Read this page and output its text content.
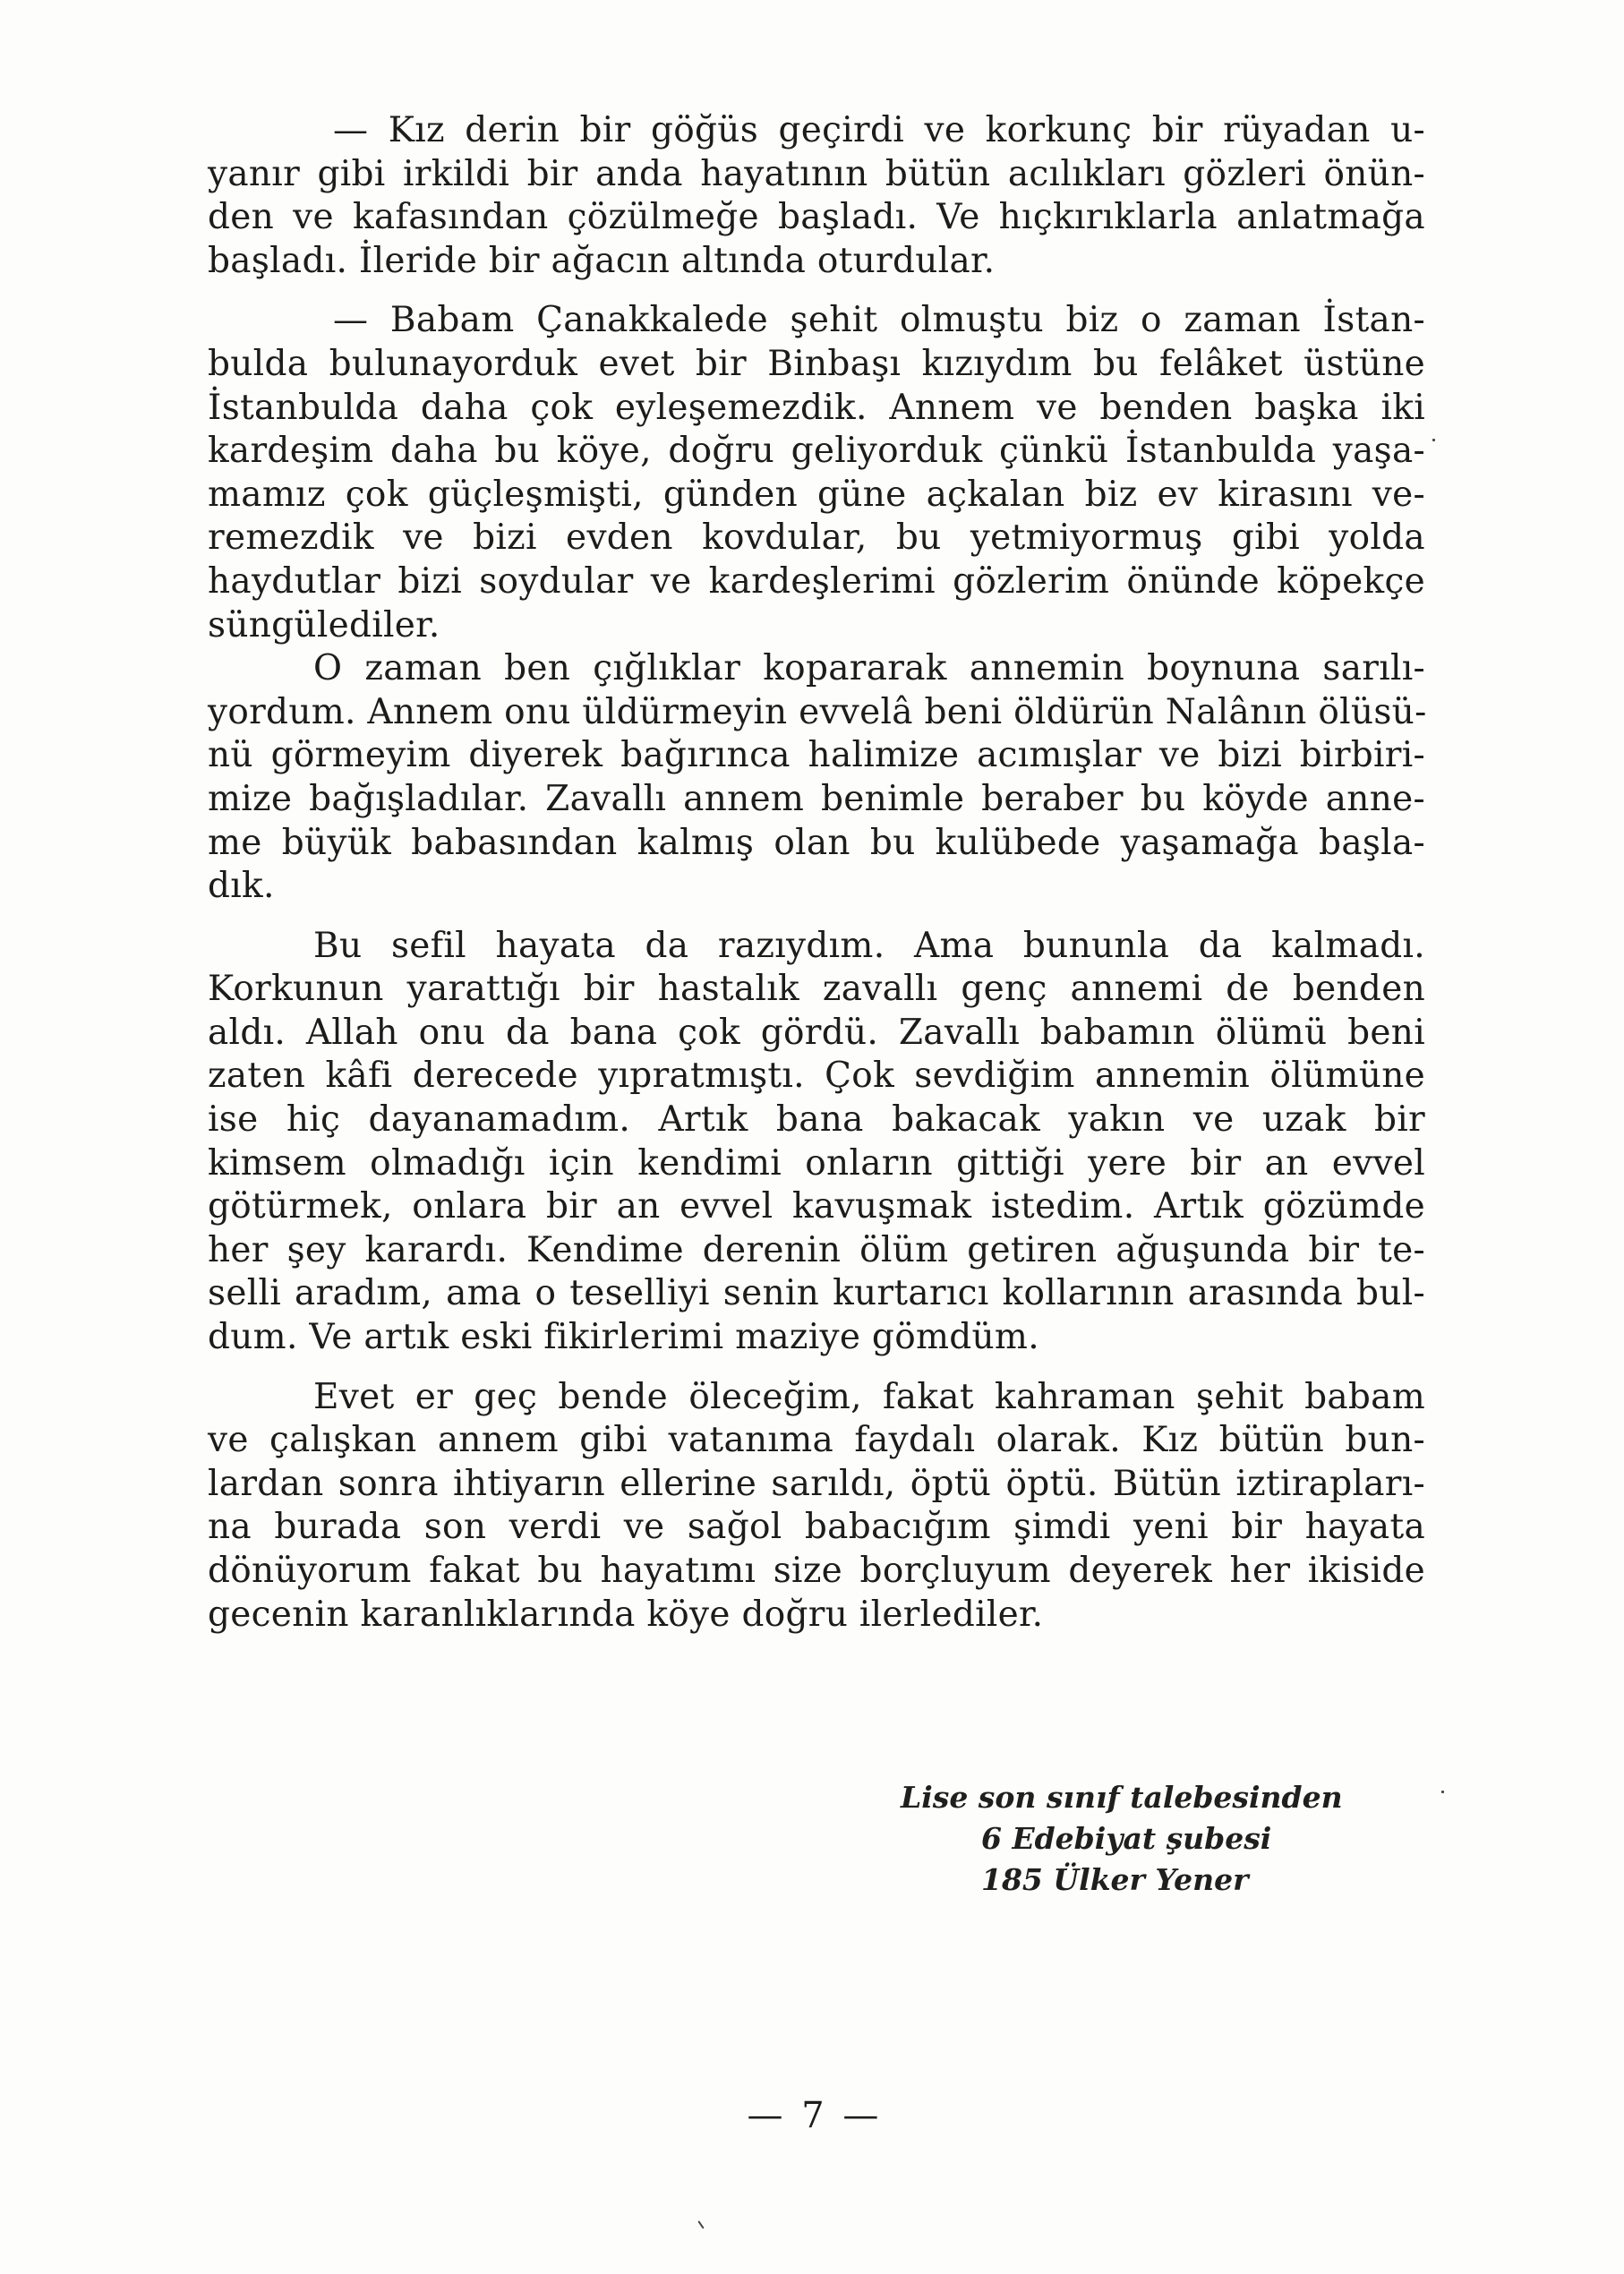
— Kız derin bir göğüs geçirdi ve korkunç bir rüyadan u-
yanır gibi irkildi bir anda hayatının bütün acılıkları gözleri önün-
den ve kafasından çözülmeğe başladı. Ve hıçkırıklarla anlatmağa
başladı. İleride bir ağacın altında oturdular.

— Babam Çanakkalede şehit olmuştu biz o zaman İstan-
bulda bulunayorduk evet bir Binbaşı kızıydım bu felâket üstüne
İstanbulda daha çok eyleşemezdik. Annem ve benden başka iki
kardeşim daha bu köye, doğru geliyorduk çünkü İstanbulda yaşa-
mamız çok güçleşmişti, günden güne açkalan biz ev kirasını ve-
remezdik ve bizi evden kovdular, bu yetmiyormuş gibi yolda
haydutlar bizi soydular ve kardeşlerimi gözlerim önünde köpekçe
süngülediler.

O zaman ben çığlıklar kopararak annemin boynuna sarılı-
yordum. Annem onu üldürmeyin evvelâ beni öldürün Nalânın ölüsü-
nü görmeyim diyerek bağırınca halimize acımışlar ve bizi birbiri-
mize bağışladılar. Zavallı annem benimle beraber bu köyde anne-
me büyük babasından kalmış olan bu kulübede yaşamağa başla-
dık.

Bu sefil hayata da razıydım. Ama bununla da kalmadı.
Korkunun yarattığı bir hastalık zavallı genç annemi de benden
aldı. Allah onu da bana çok gördü. Zavallı babamın ölümü beni
zaten kâfi derecede yıpratmıştı. Çok sevdiğim annemin ölümüne
ise hiç dayanamadım. Artık bana bakacak yakın ve uzak bir
kimsem olmadığı için kendimi onların gittiği yere bir an evvel
götürmek, onlara bir an evvel kavuşmak istedim. Artık gözümde
her şey karardı. Kendime derenin ölüm getiren ağuşunda bir te-
selli aradım, ama o teselliyi senin kurtarıcı kollarının arasında bul-
dum. Ve artık eski fikirlerimi maziye gömdüm.

Evet er geç bende öleceğim, fakat kahraman şehit babam
ve çalışkan annem gibi vatanıma faydalı olarak. Kız bütün bun-
lardan sonra ihtiyarın ellerine sarıldı, öptü öptü. Bütün iztirapları-
na burada son verdi ve sağol babacığım şimdi yeni bir hayata
dönüyorum fakat bu hayatımı size borçluyum deyerek her ikiside
gecenin karanlıklarında köye doğru ilerlediler.

Lise son sınıf talebesinden
6 Edebiyat şubesi
185 Ülker Yener
— 7 —
